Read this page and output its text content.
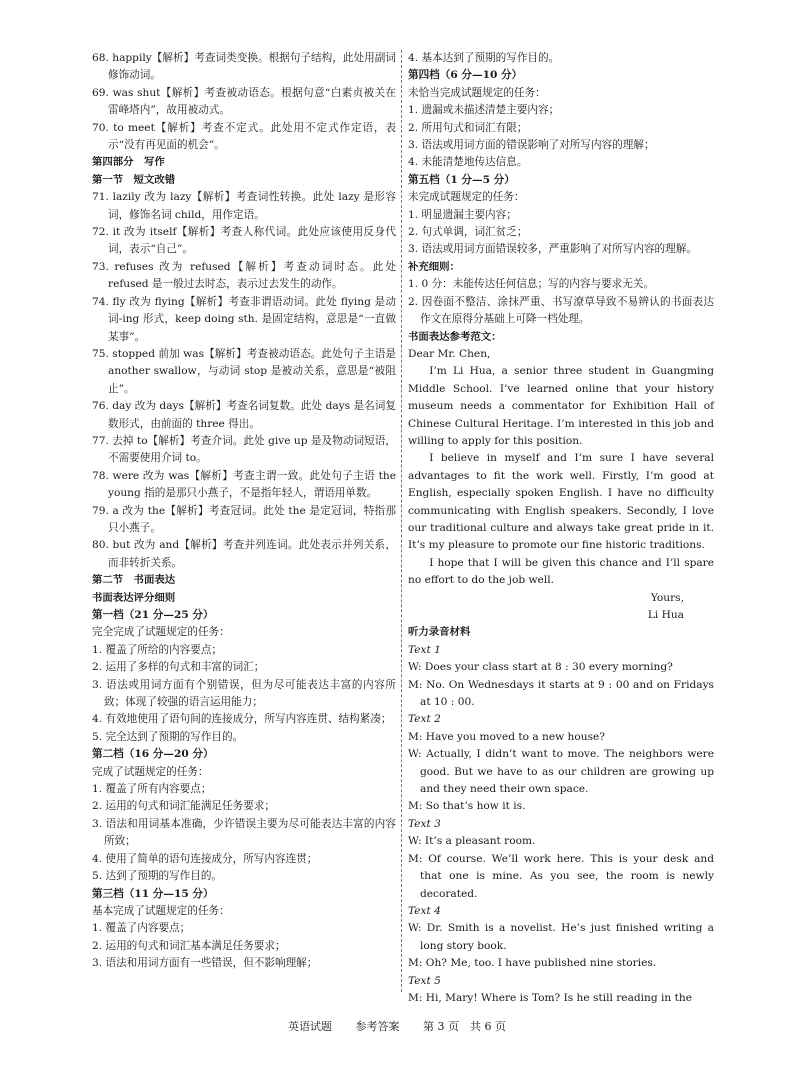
68. happily【解析】考查词类变换。根据句子结构，此处用副词修饰动词。

69. was shut【解析】考查被动语态。根据句意“白素贞被关在雷峰塔内”，故用被动式。

70. to meet【解析】考查不定式。此处用不定式作定语，表示“没有再见面的机会”。

第四部分　写作

第一节　短文改错

71. lazily 改为 lazy【解析】考查词性转换。此处 lazy 是形容词，修饰名词 child，用作定语。

72. it 改为 itself【解析】考查人称代词。此处应该使用反身代词，表示“自己”。

73. refuses 改为 refused【解析】考查动词时态。此处 refused 是一般过去时态，表示过去发生的动作。

74. fly 改为 flying【解析】考查非谓语动词。此处 flying 是动词-ing 形式，keep doing sth. 是固定结构，意思是“一直做某事”。

75. stopped 前加 was【解析】考查被动语态。此处句子主语是 another swallow，与动词 stop 是被动关系，意思是“被阻止”。

76. day 改为 days【解析】考查名词复数。此处 days 是名词复数形式，由前面的 three 得出。

77. 去掉 to【解析】考查介词。此处 give up 是及物动词短语，不需要使用介词 to。

78. were 改为 was【解析】考查主谓一致。此处句子主语 the young 指的是那只小燕子，不是指年轻人，谓语用单数。

79. a 改为 the【解析】考查冠词。此处 the 是定冠词，特指那只小燕子。

80. but 改为 and【解析】考查并列连词。此处表示并列关系，而非转折关系。

第二节　书面表达

书面表达评分细则

第一档（21 分—25 分）

完全完成了试题规定的任务：

1. 覆盖了所给的内容要点；

2. 运用了多样的句式和丰富的词汇；

3. 语法或用词方面有个别错误，但为尽可能表达丰富的内容所致；体现了较强的语言运用能力；

4. 有效地使用了语句间的连接成分，所写内容连贯、结构紧凑；

5. 完全达到了预期的写作目的。

第二档（16 分—20 分）

完成了试题规定的任务：

1. 覆盖了所有内容要点；

2. 运用的句式和词汇能满足任务要求；

3. 语法和用词基本准确，少许错误主要为尽可能表达丰富的内容所致；

4. 使用了简单的语句连接成分，所写内容连贯；

5. 达到了预期的写作目的。

第三档（11 分—15 分）

基本完成了试题规定的任务：

1. 覆盖了内容要点；

2. 运用的句式和词汇基本满足任务要求；

3. 语法和用词方面有一些错误，但不影响理解；

4. 基本达到了预期的写作目的。

第四档（6 分—10 分）

未恰当完成试题规定的任务：

1. 遗漏或未描述清楚主要内容；

2. 所用句式和词汇有限；

3. 语法或用词方面的错误影响了对所写内容的理解；

4. 未能清楚地传达信息。

第五档（1 分—5 分）

未完成试题规定的任务：

1. 明显遗漏主要内容；

2. 句式单调，词汇贫乏；

3. 语法或用词方面错误较多，严重影响了对所写内容的理解。

补充细则：

1. 0 分：未能传达任何信息；写的内容与要求无关。

2. 因卷面不整洁、涂抹严重、书写潦草导致不易辨认的书面表达作文在原得分基础上可降一档处理。

书面表达参考范文：

Dear Mr. Chen,

I’m Li Hua, a senior three student in Guangming Middle School. I’ve learned online that your history museum needs a commentator for Exhibition Hall of Chinese Cultural Heritage. I’m interested in this job and willing to apply for this position.

I believe in myself and I’m sure I have several advantages to fit the work well. Firstly, I’m good at English, especially spoken English. I have no difficulty communicating with English speakers. Secondly, I love our traditional culture and always take great pride in it. It’s my pleasure to promote our fine historic traditions.

I hope that I will be given this chance and I’ll spare no effort to do the job well.

Yours,

Li Hua

听力录音材料

Text 1

W: Does your class start at 8 : 30 every morning?

M: No. On Wednesdays it starts at 9 : 00 and on Fridays at 10 : 00.

Text 2

M: Have you moved to a new house?

W: Actually, I didn’t want to move. The neighbors were good. But we have to as our children are growing up and they need their own space.

M: So that’s how it is.

Text 3

W: It’s a pleasant room.

M: Of course. We’ll work here. This is your desk and that one is mine. As you see, the room is newly decorated.

Text 4

W: Dr. Smith is a novelist. He’s just finished writing a long story book.

M: Oh? Me, too. I have published nine stories.

Text 5

M: Hi, Mary! Where is Tom? Is he still reading in the

英语试题 参考答案 第 3 页　共 6 页
